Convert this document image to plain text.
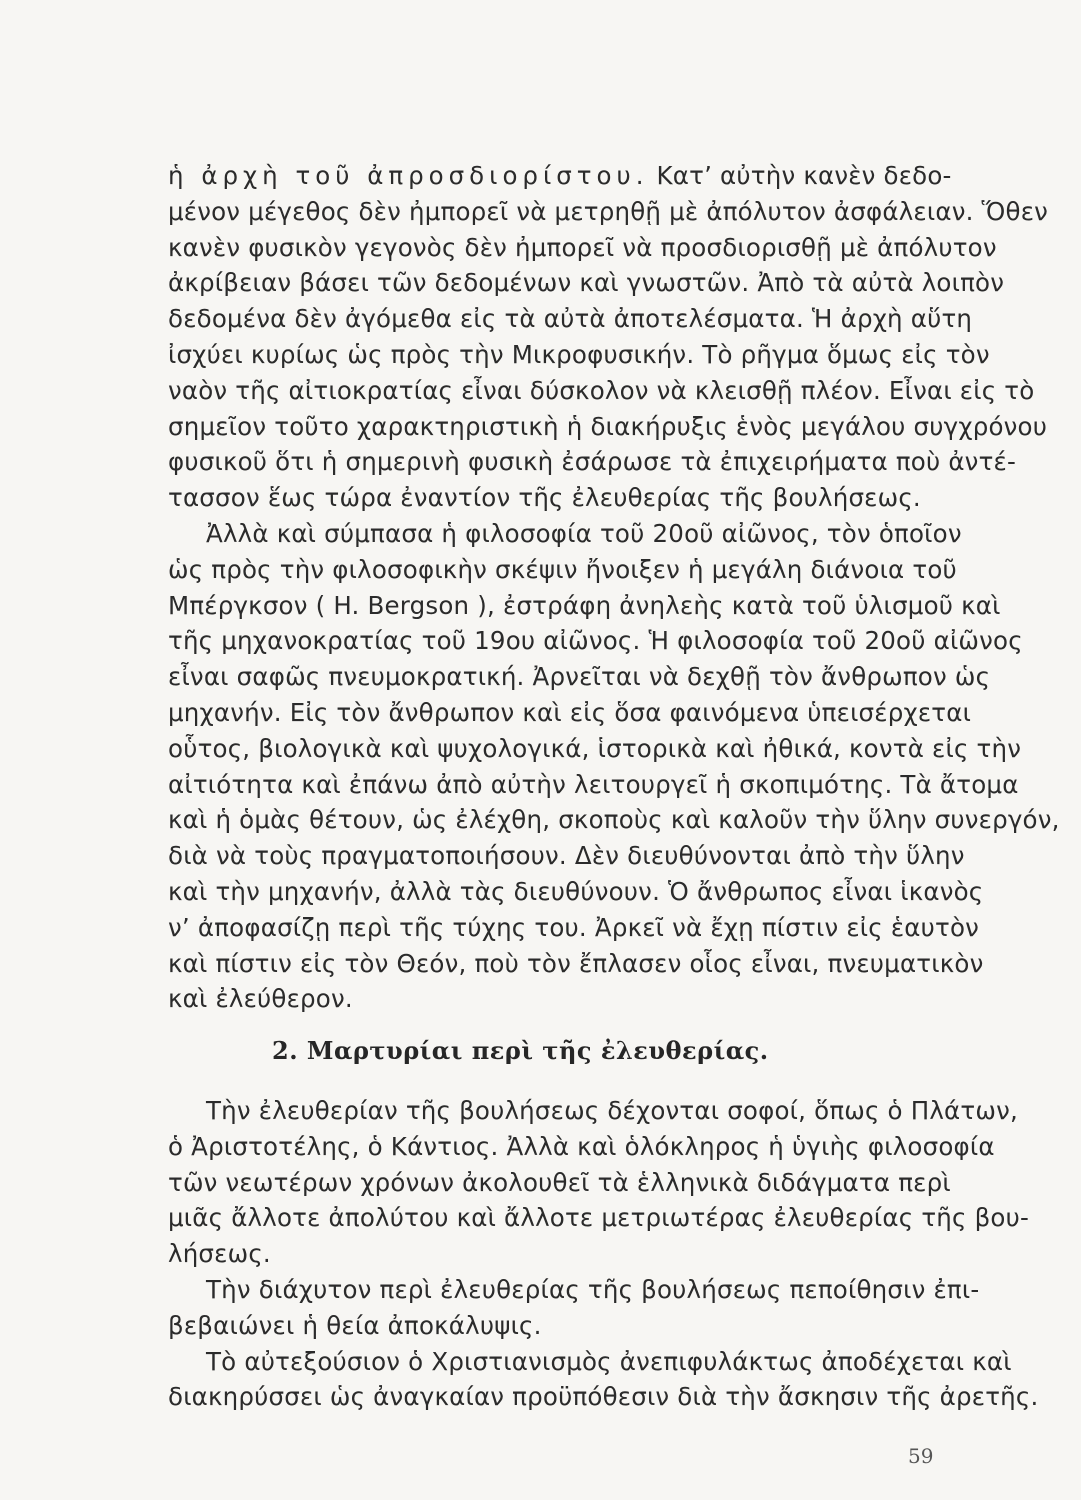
ἡ ἀρχὴ τοῦ ἀπροσδιορίστου. Κατ’ αὐτὴν κανὲν δεδο-
μένον μέγεθος δὲν ἠμπορεῖ νὰ μετρηθῇ μὲ ἀπόλυτον ἀσφάλειαν. Ὅθεν
κανὲν φυσικὸν γεγονὸς δὲν ἠμπορεῖ νὰ προσδιορισθῇ μὲ ἀπόλυτον
ἀκρίβειαν βάσει τῶν δεδομένων καὶ γνωστῶν. Ἀπὸ τὰ αὐτὰ λοιπὸν
δεδομένα δὲν ἀγόμεθα εἰς τὰ αὐτὰ ἀποτελέσματα. Ἡ ἀρχὴ αὕτη
ἰσχύει κυρίως ὡς πρὸς τὴν Μικροφυσικήν. Τὸ ρῆγμα ὅμως εἰς τὸν
ναὸν τῆς αἰτιοκρατίας εἶναι δύσκολον νὰ κλεισθῇ πλέον. Εἶναι εἰς τὸ
σημεῖον τοῦτο χαρακτηριστικὴ ἡ διακήρυξις ἑνὸς μεγάλου συγχρόνου
φυσικοῦ ὅτι ἡ σημερινὴ φυσικὴ ἐσάρωσε τὰ ἐπιχειρήματα ποὺ ἀντέ-
τασσον ἕως τώρα ἐναντίον τῆς ἐλευθερίας τῆς βουλήσεως.
Ἀλλὰ καὶ σύμπασα ἡ φιλοσοφία τοῦ 20οῦ αἰῶνος, τὸν ὁποῖον
ὡς πρὸς τὴν φιλοσοφικὴν σκέψιν ἤνοιξεν ἡ μεγάλη διάνοια τοῦ
Μπέργκσον ( H. Bergson ), ἐστράφη ἀνηλεὴς κατὰ τοῦ ὑλισμοῦ καὶ
τῆς μηχανοκρατίας τοῦ 19ου αἰῶνος. Ἡ φιλοσοφία τοῦ 20οῦ αἰῶνος
εἶναι σαφῶς πνευμοκρατική. Ἀρνεῖται νὰ δεχθῇ τὸν ἄνθρωπον ὡς
μηχανήν. Εἰς τὸν ἄνθρωπον καὶ εἰς ὅσα φαινόμενα ὑπεισέρχεται
οὗτος, βιολογικὰ καὶ ψυχολογικά, ἱστορικὰ καὶ ἠθικά, κοντὰ εἰς τὴν
αἰτιότητα καὶ ἐπάνω ἀπὸ αὐτὴν λειτουργεῖ ἡ σκοπιμότης. Τὰ ἄτομα
καὶ ἡ ὁμὰς θέτουν, ὡς ἐλέχθη, σκοποὺς καὶ καλοῦν τὴν ὕλην συνεργόν,
διὰ νὰ τοὺς πραγματοποιήσουν. Δὲν διευθύνονται ἀπὸ τὴν ὕλην
καὶ τὴν μηχανήν, ἀλλὰ τὰς διευθύνουν. Ὁ ἄνθρωπος εἶναι ἱκανὸς
ν’ ἀποφασίζῃ περὶ τῆς τύχης του. Ἀρκεῖ νὰ ἔχῃ πίστιν εἰς ἑαυτὸν
καὶ πίστιν εἰς τὸν Θεόν, ποὺ τὸν ἔπλασεν οἷος εἶναι, πνευματικὸν
καὶ ἐλεύθερον.
2. Μαρτυρίαι περὶ τῆς ἐλευθερίας.
Τὴν ἐλευθερίαν τῆς βουλήσεως δέχονται σοφοί, ὅπως ὁ Πλάτων,
ὁ Ἀριστοτέλης, ὁ Κάντιος. Ἀλλὰ καὶ ὁλόκληρος ἡ ὑγιὴς φιλοσοφία
τῶν νεωτέρων χρόνων ἀκολουθεῖ τὰ ἑλληνικὰ διδάγματα περὶ
μιᾶς ἄλλοτε ἀπολύτου καὶ ἄλλοτε μετριωτέρας ἐλευθερίας τῆς βου-
λήσεως.
Τὴν διάχυτον περὶ ἐλευθερίας τῆς βουλήσεως πεποίθησιν ἐπι-
βεβαιώνει ἡ θεία ἀποκάλυψις.
Τὸ αὐτεξούσιον ὁ Χριστιανισμὸς ἀνεπιφυλάκτως ἀποδέχεται καὶ
διακηρύσσει ὡς ἀναγκαίαν προϋπόθεσιν διὰ τὴν ἄσκησιν τῆς ἀρετῆς.
59
